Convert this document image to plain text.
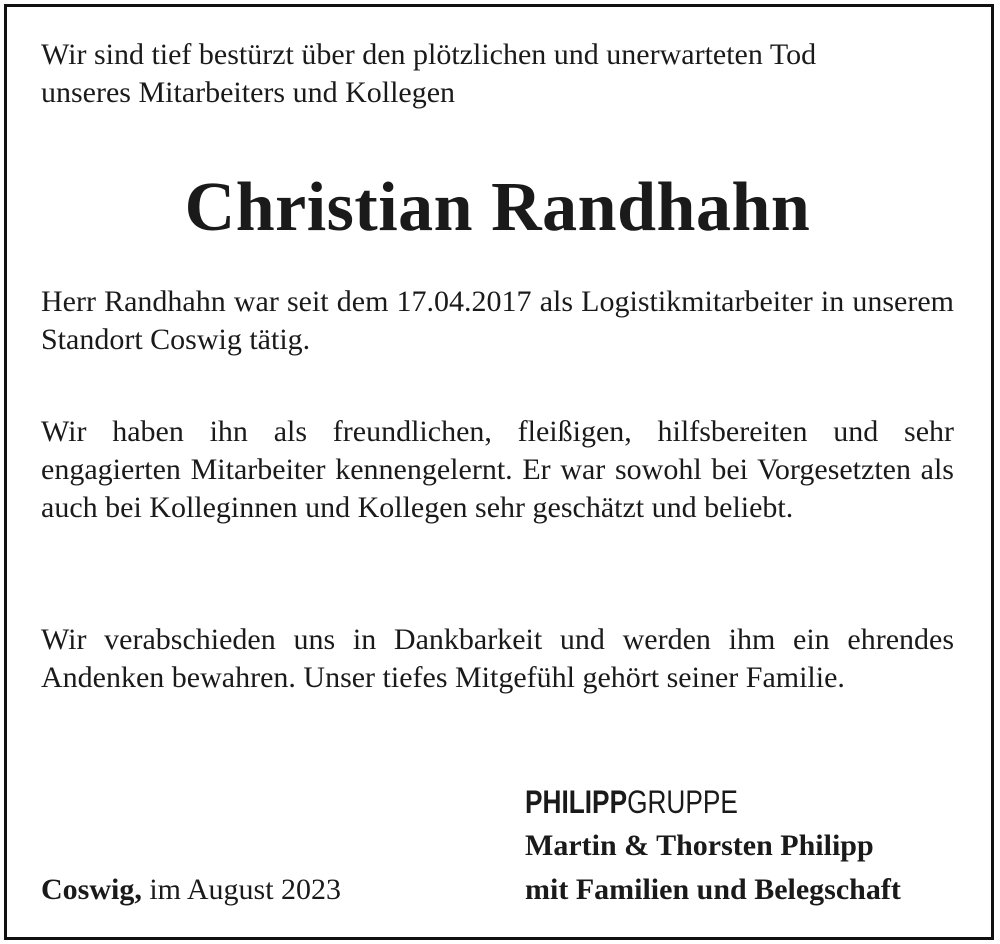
Wir sind tief bestürzt über den plötzlichen und unerwarteten Tod
unseres Mitarbeiters und Kollegen

Christian Randhahn

Herr Randhahn war seit dem 17.04.2017 als Logistikmitarbeiter in unserem Standort Coswig tätig.

Wir haben ihn als freundlichen, fleißigen, hilfsbereiten und sehr engagierten Mitarbeiter kennengelernt. Er war sowohl bei Vorgesetzten als auch bei Kolleginnen und Kollegen sehr geschätzt und beliebt.

Wir verabschieden uns in Dankbarkeit und werden ihm ein ehrendes Andenken bewahren. Unser tiefes Mitgefühl gehört seiner Familie.

PHILIPPGRUPPE
Martin & Thorsten Philipp
mit Familien und Belegschaft
Coswig, im August 2023
